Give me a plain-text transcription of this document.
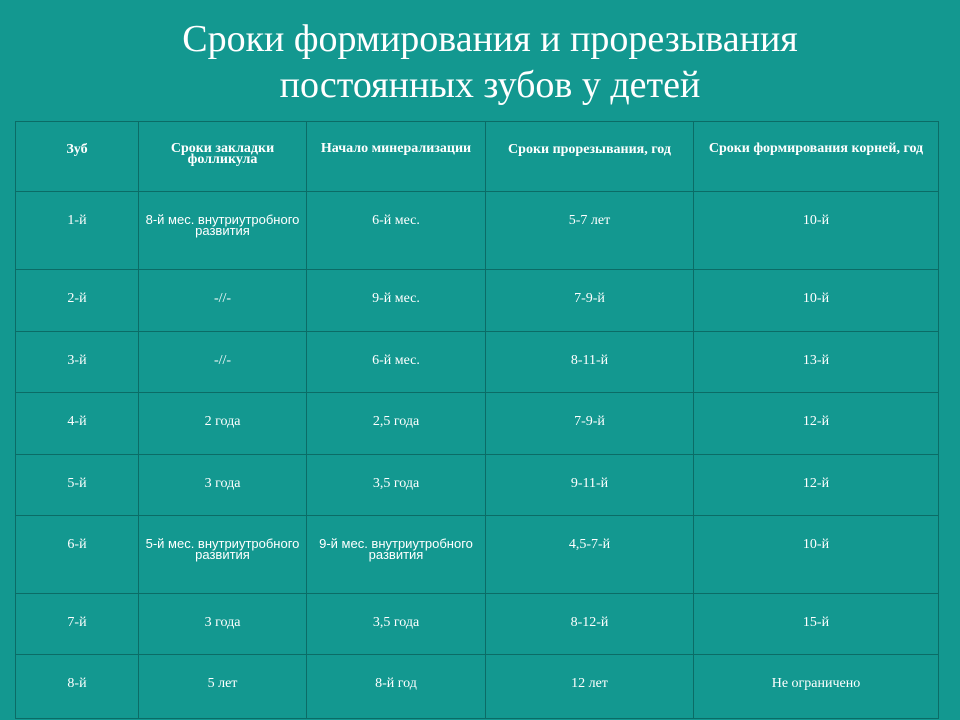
Сроки формирования и прорезывания
постоянных зубов у детей
Зуб	Сроки закладки фолликула	Начало минерализации	Сроки прорезывания, год	Сроки формирования корней, год

1-й	8-й мес. внутриутробного развития	6-й мес.	5-7 лет	10-й

2-й	-//-	9-й мес.	7-9-й	10-й

3-й	-//-	6-й мес.	8-11-й	13-й

4-й	2 года	2,5 года	7-9-й	12-й

5-й	3 года	3,5 года	9-11-й	12-й

6-й	5-й мес. внутриутробного развития	9-й мес. внутриутробного развития	4,5-7-й	10-й

7-й	3 года	3,5 года	8-12-й	15-й

8-й	5 лет	8-й год	12 лет	Не ограничено
